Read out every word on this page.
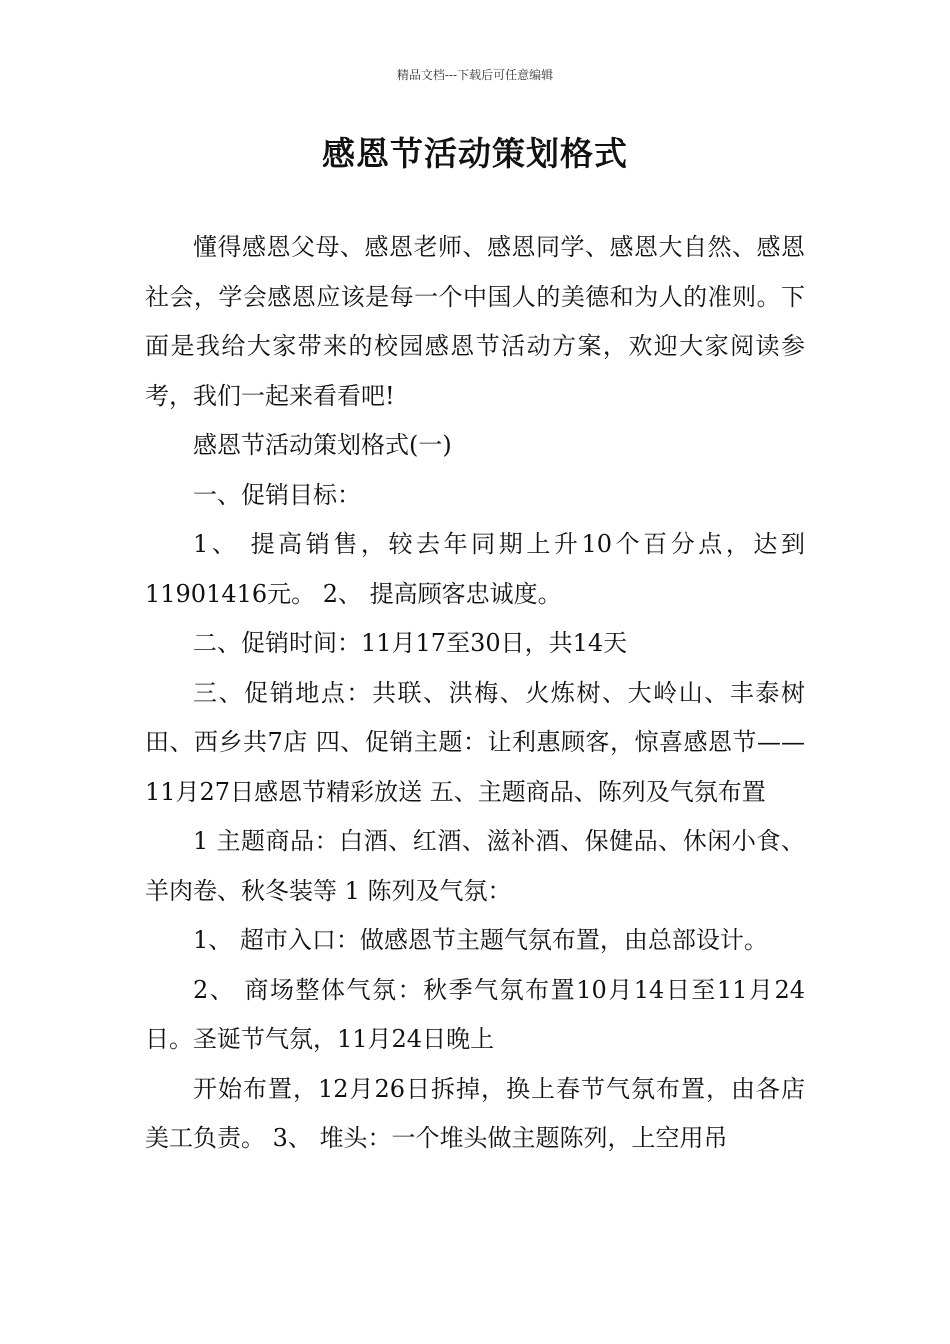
精品文档---下载后可任意编辑
感恩节活动策划格式

懂得感恩父母、感恩老师、感恩同学、感恩大自然、感恩社会，学会感恩应该是每一个中国人的美德和为人的准则。下面是我给大家带来的校园感恩节活动方案，欢迎大家阅读参考，我们一起来看看吧!

感恩节活动策划格式(一)

一、促销目标：

1、 提高销售，较去年同期上升10个百分点，达到11901416元。 2、 提高顾客忠诚度。

二、促销时间：11月17至30日，共14天

三、促销地点：共联、洪梅、火炼树、大岭山、丰泰树田、西乡共7店 四、促销主题：让利惠顾客，惊喜感恩节——11月27日感恩节精彩放送 五、主题商品、陈列及气氛布置

1 主题商品：白酒、红酒、滋补酒、保健品、休闲小食、羊肉卷、秋冬装等 1 陈列及气氛：

1、 超市入口：做感恩节主题气氛布置，由总部设计。

2、 商场整体气氛：秋季气氛布置10月14日至11月24日。圣诞节气氛，11月24日晚上

开始布置，12月26日拆掉，换上春节气氛布置，由各店美工负责。 3、 堆头：一个堆头做主题陈列，上空用吊
